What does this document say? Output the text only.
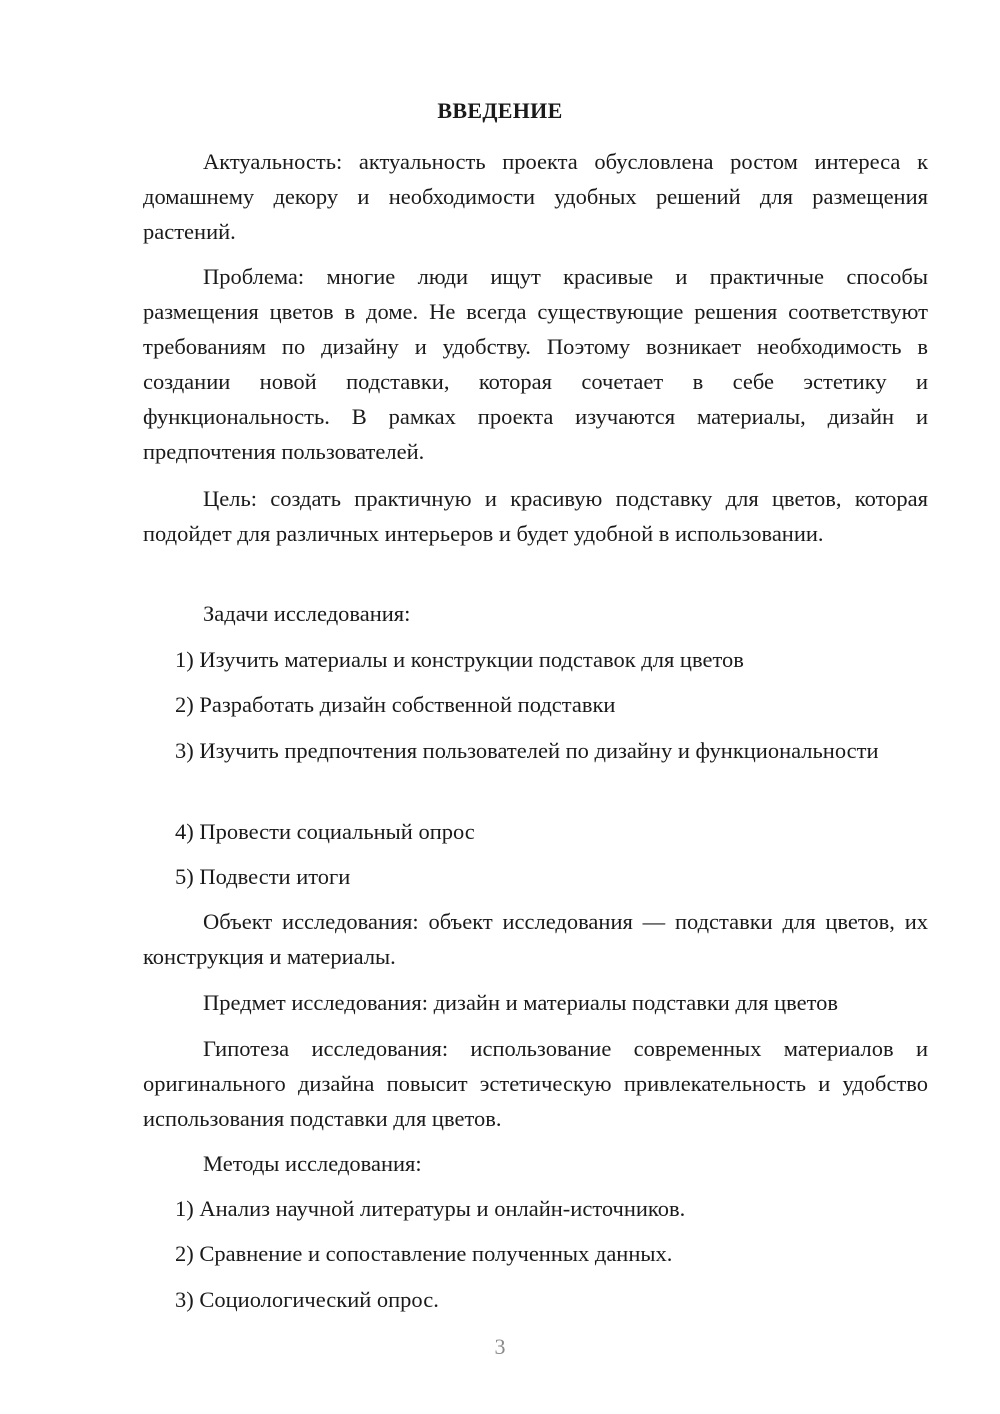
ВВЕДЕНИЕ

Актуальность: актуальность проекта обусловлена ростом интереса к домашнему декору и необходимости удобных решений для размещения растений.

Проблема: многие люди ищут красивые и практичные способы размещения цветов в доме. Не всегда существующие решения соответствуют требованиям по дизайну и удобству. Поэтому возникает необходимость в создании новой подставки, которая сочетает в себе эстетику и функциональность. В рамках проекта изучаются материалы, дизайн и предпочтения пользователей.

Цель: создать практичную и красивую подставку для цветов, которая подойдет для различных интерьеров и будет удобной в использовании.

Задачи исследования:

1) Изучить материалы и конструкции подставок для цветов

2) Разработать дизайн собственной подставки

3) Изучить предпочтения пользователей по дизайну и функциональности

4) Провести социальный опрос

5) Подвести итоги

Объект исследования: объект исследования — подставки для цветов, их конструкция и материалы.

Предмет исследования: дизайн и материалы подставки для цветов

Гипотеза исследования: использование современных материалов и оригинального дизайна повысит эстетическую привлекательность и удобство использования подставки для цветов.

Методы исследования:

1) Анализ научной литературы и онлайн-источников.

2) Сравнение и сопоставление полученных данных.

3) Социологический опрос.

3
